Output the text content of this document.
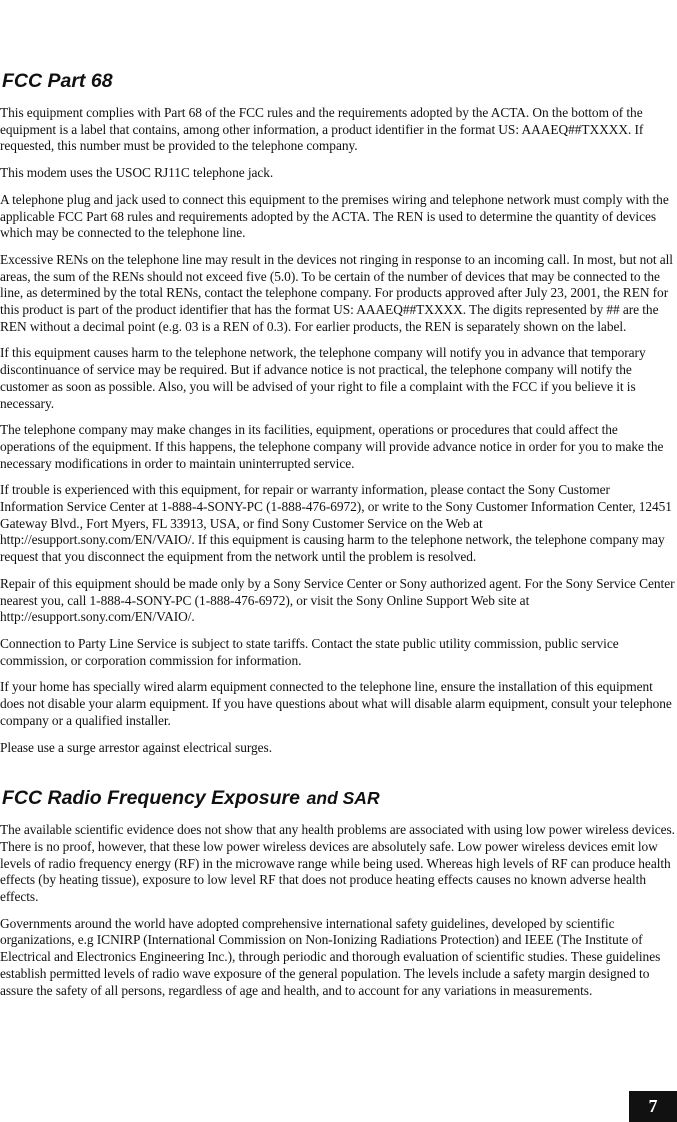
FCC Part 68

This equipment complies with Part 68 of the FCC rules and the requirements adopted by the ACTA. On the bottom of the equipment is a label that contains, among other information, a product identifier in the format US: AAAEQ##TXXXX. If requested, this number must be provided to the telephone company.

This modem uses the USOC RJ11C telephone jack.

A telephone plug and jack used to connect this equipment to the premises wiring and telephone network must comply with the applicable FCC Part 68 rules and requirements adopted by the ACTA. The REN is used to determine the quantity of devices which may be connected to the telephone line.

Excessive RENs on the telephone line may result in the devices not ringing in response to an incoming call. In most, but not all areas, the sum of the RENs should not exceed five (5.0). To be certain of the number of devices that may be connected to the line, as determined by the total RENs, contact the telephone company. For products approved after July 23, 2001, the REN for this product is part of the product identifier that has the format US: AAAEQ##TXXXX. The digits represented by ## are the REN without a decimal point (e.g. 03 is a REN of 0.3). For earlier products, the REN is separately shown on the label.

If this equipment causes harm to the telephone network, the telephone company will notify you in advance that temporary discontinuance of service may be required. But if advance notice is not practical, the telephone company will notify the customer as soon as possible. Also, you will be advised of your right to file a complaint with the FCC if you believe it is necessary.

The telephone company may make changes in its facilities, equipment, operations or procedures that could affect the operations of the equipment. If this happens, the telephone company will provide advance notice in order for you to make the necessary modifications in order to maintain uninterrupted service.

If trouble is experienced with this equipment, for repair or warranty information, please contact the Sony Customer Information Service Center at 1-888-4-SONY-PC (1-888-476-6972), or write to the Sony Customer Information Center, 12451 Gateway Blvd., Fort Myers, FL 33913, USA, or find Sony Customer Service on the Web at http://esupport.sony.com/EN/VAIO/. If this equipment is causing harm to the telephone network, the telephone company may request that you disconnect the equipment from the network until the problem is resolved.

Repair of this equipment should be made only by a Sony Service Center or Sony authorized agent. For the Sony Service Center nearest you, call 1-888-4-SONY-PC (1-888-476-6972), or visit the Sony Online Support Web site at http://esupport.sony.com/EN/VAIO/.

Connection to Party Line Service is subject to state tariffs. Contact the state public utility commission, public service commission, or corporation commission for information.

If your home has specially wired alarm equipment connected to the telephone line, ensure the installation of this equipment does not disable your alarm equipment. If you have questions about what will disable alarm equipment, consult your telephone company or a qualified installer.

Please use a surge arrestor against electrical surges.

FCC Radio Frequency Exposure and SAR

The available scientific evidence does not show that any health problems are associated with using low power wireless devices. There is no proof, however, that these low power wireless devices are absolutely safe. Low power wireless devices emit low levels of radio frequency energy (RF) in the microwave range while being used. Whereas high levels of RF can produce health effects (by heating tissue), exposure to low level RF that does not produce heating effects causes no known adverse health effects.

Governments around the world have adopted comprehensive international safety guidelines, developed by scientific organizations, e.g ICNIRP (International Commission on Non-Ionizing Radiations Protection) and IEEE (The Institute of Electrical and Electronics Engineering Inc.), through periodic and thorough evaluation of scientific studies. These guidelines establish permitted levels of radio wave exposure of the general population. The levels include a safety margin designed to assure the safety of all persons, regardless of age and health, and to account for any variations in measurements.

7
